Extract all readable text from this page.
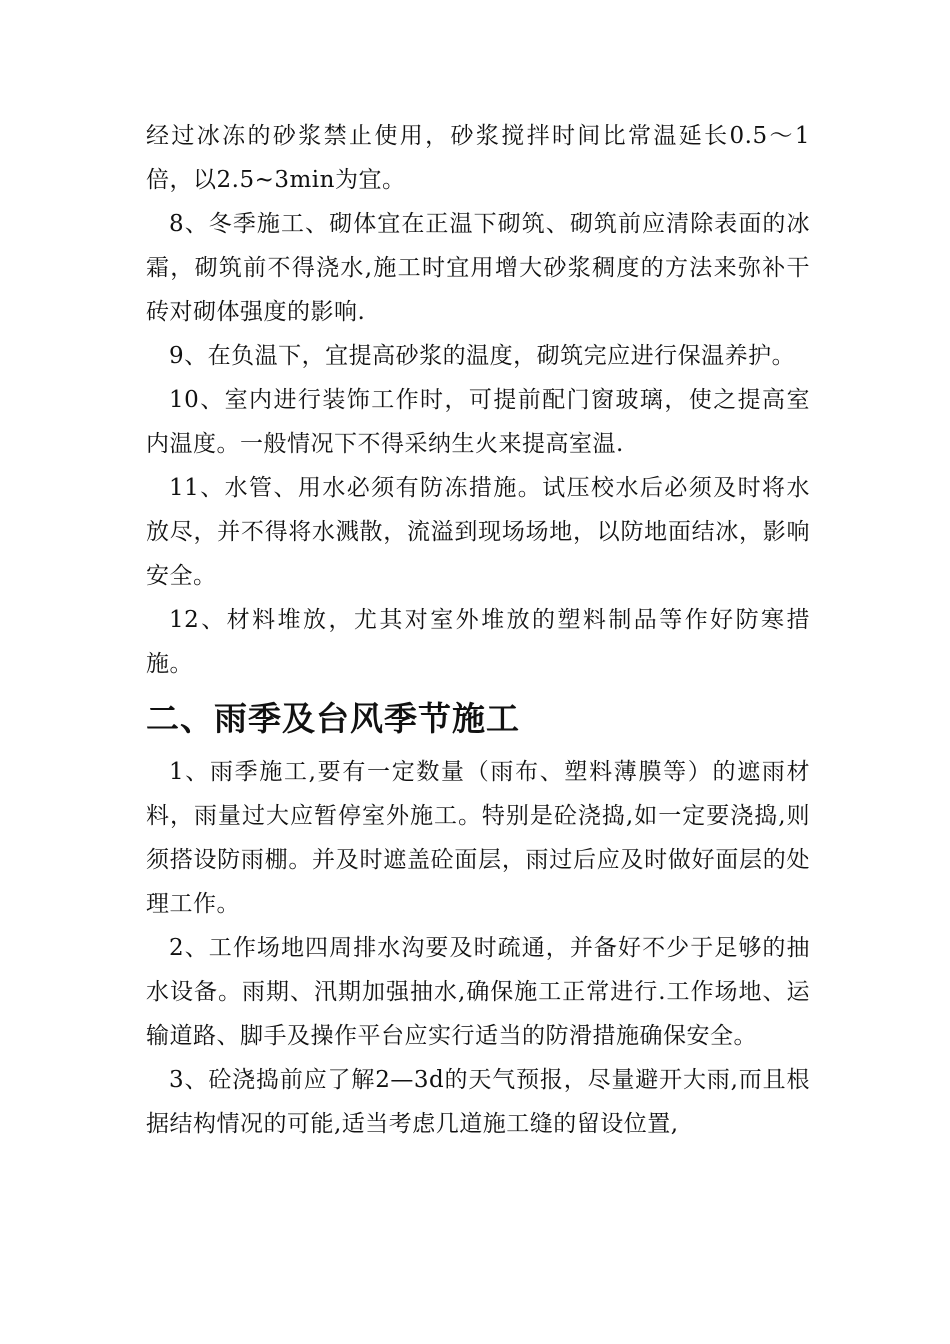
经过冰冻的砂浆禁止使用，砂浆搅拌时间比常温延长0.5～1倍，以2.5~3min为宜。

8、冬季施工、砌体宜在正温下砌筑、砌筑前应清除表面的冰霜，砌筑前不得浇水,施工时宜用增大砂浆稠度的方法来弥补干砖对砌体强度的影响.

9、在负温下，宜提高砂浆的温度，砌筑完应进行保温养护。

10、室内进行装饰工作时，可提前配门窗玻璃，使之提高室内温度。一般情况下不得采纳生火来提高室温.

11、水管、用水必须有防冻措施。试压校水后必须及时将水放尽，并不得将水溅散，流溢到现场场地，以防地面结冰，影响安全。

12、材料堆放，尤其对室外堆放的塑料制品等作好防寒措施。

二、雨季及台风季节施工

1、雨季施工,要有一定数量（雨布、塑料薄膜等）的遮雨材料，雨量过大应暂停室外施工。特别是砼浇捣,如一定要浇捣,则须搭设防雨棚。并及时遮盖砼面层，雨过后应及时做好面层的处理工作。

2、工作场地四周排水沟要及时疏通，并备好不少于足够的抽水设备。雨期、汛期加强抽水,确保施工正常进行.工作场地、运输道路、脚手及操作平台应实行适当的防滑措施确保安全。

3、砼浇捣前应了解2—3d的天气预报，尽量避开大雨,而且根据结构情况的可能,适当考虑几道施工缝的留设位置,
